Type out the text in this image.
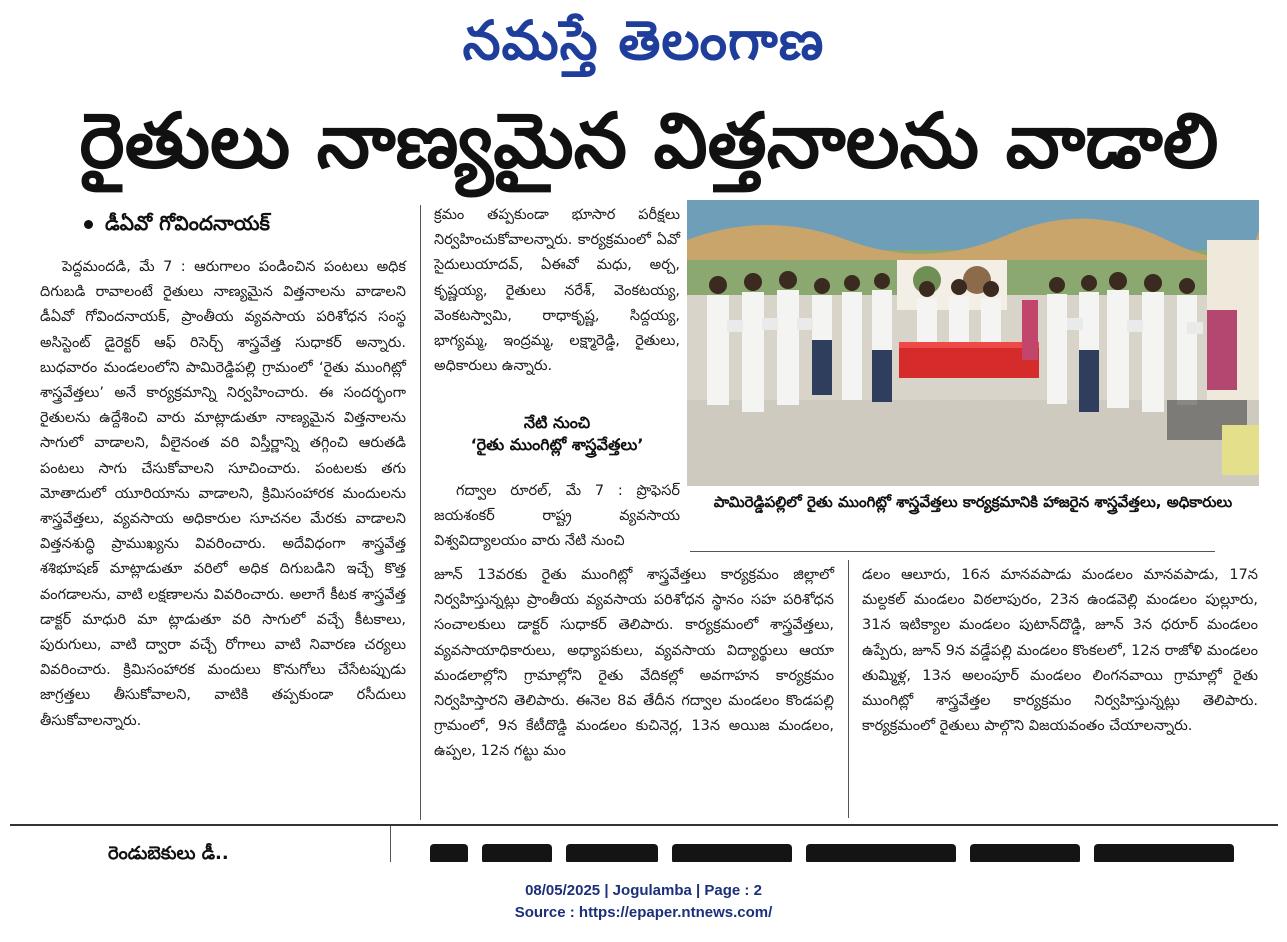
నమస్తే తెలంగాణ
రైతులు నాణ్యమైన విత్తనాలను వాడాలి
డీఏవో గోవిందనాయక్

పెద్దమందడి, మే 7 : ఆరుగాలం పండించిన పంటలు అధిక దిగుబడి రావాలంటే రైతులు నాణ్యమైన విత్తనాలను వాడాలని డీఏవో గోవిందనాయక్, ప్రాంతీయ వ్యవసాయ పరిశోధన సంస్థ అసిస్టెంట్ డైరెక్టర్ ఆఫ్ రిసెర్చ్ శాస్త్రవేత్త సుధాకర్ అన్నారు. బుధవారం మండలంలోని పామిరెడ్డిపల్లి గ్రామంలో ‘రైతు ముంగిట్లో శాస్త్రవేత్తలు’ అనే కార్యక్రమాన్ని నిర్వహించారు. ఈ సందర్భంగా రైతులను ఉద్దేశించి వారు మాట్లాడుతూ నాణ్యమైన విత్తనాలను సాగులో వాడాలని, వీలైనంత వరి విస్తీర్ణాన్ని తగ్గించి ఆరుతడి పంటలు సాగు చేసుకోవాలని సూచించారు. పంటలకు తగు మోతాదులో యూరియాను వాడాలని, క్రిమిసంహారక మందులను శాస్త్రవేత్తలు, వ్యవసాయ అధికారుల సూచనల మేరకు వాడాలని విత్తనశుద్ధి ప్రాముఖ్యను వివరించారు. అదేవిధంగా శాస్త్రవేత్త శశిభూషణ్ మాట్లాడుతూ వరిలో అధిక దిగుబడిని ఇచ్చే కొత్త వంగడాలను, వాటి లక్షణాలను వివరించారు. అలాగే కీటక శాస్త్రవేత్త డాక్టర్ మాధురి మా ట్లాడుతూ వరి సాగులో వచ్చే కీటకాలు, పురుగులు, వాటి ద్వారా వచ్చే రోగాలు వాటి నివారణ చర్యలు వివరించారు. క్రిమిసంహారక మందులు కొనుగోలు చేసేటప్పుడు జాగ్రత్తలు తీసుకోవాలని, వాటికి తప్పకుండా రసీదులు తీసుకోవాలన్నారు.

క్రమం తప్పకుండా భూసార పరీక్షలు నిర్వహించుకోవాలన్నారు. కార్యక్రమంలో ఏవో సైదులుయాదవ్, ఏఈవో మధు, అర్చ, కృష్ణయ్య, రైతులు నరేశ్, వెంకటయ్య, వెంకటస్వామి, రాధాకృష్ణ, సిద్దయ్య, భాగ్యమ్మ, ఇంద్రమ్మ, లక్ష్మారెడ్డి, రైతులు, అధికారులు ఉన్నారు.

నేటి నుంచి
‘రైతు ముంగిట్లో శాస్త్రవేత్తలు’

గద్వాల రూరల్, మే 7 : ప్రొఫెసర్ జయశంకర్ రాష్ట్ర వ్యవసాయ విశ్వవిద్యాలయం వారు నేటి నుంచి

పామిరెడ్డిపల్లిలో రైతు ముంగిట్లో శాస్త్రవేత్తలు కార్యక్రమానికి హాజరైన శాస్త్రవేత్తలు, అధికారులు

జూన్ 13వరకు రైతు ముంగిట్లో శాస్త్రవేత్తలు కార్యక్రమం జిల్లాలో నిర్వహిస్తున్నట్లు ప్రాంతీయ వ్యవసాయ పరిశోధన స్థానం సహ పరిశోధన సంచాలకులు డాక్టర్ సుధాకర్ తెలిపారు. కార్యక్రమంలో శాస్త్రవేత్తలు, వ్యవసాయాధికారులు, అధ్యాపకులు, వ్యవసాయ విద్యార్థులు ఆయా మండలాల్లోని గ్రామాల్లోని రైతు వేదికల్లో అవగాహన కార్యక్రమం నిర్వహిస్తారని తెలిపారు. ఈనెల 8వ తేదీన గద్వాల మండలం కొండపల్లి గ్రామంలో, 9న కేటీదొడ్డి మండలం కుచినెర్ల, 13న అయిజ మండలం, ఉప్పల, 12న గట్టు మం

డలం ఆలూరు, 16న మానవపాడు మండలం మానవపాడు, 17న మల్దకల్ మండలం విఠలాపురం, 23న ఉండవెల్లి మండలం పుల్లూరు, 31న ఇటిక్యాల మండలం పుటాన్‌దొడ్డి, జూన్ 3న ధరూర్ మండలం ఉప్పేరు, జూన్ 9న వడ్డేపల్లి మండలం కొంకలలో, 12న రాజోళి మండలం తుమ్మిళ్ల, 13న అలంపూర్ మండలం లింగనవాయి గ్రామాల్లో రైతు ముంగిట్లో శాస్త్రవేత్తల కార్యక్రమం నిర్వహిస్తున్నట్లు తెలిపారు. కార్యక్రమంలో రైతులు పాల్గొని విజయవంతం చేయాలన్నారు.

రెండుబెకులు డీ..
08/05/2025 | Jogulamba | Page : 2
Source : https://epaper.ntnews.com/
